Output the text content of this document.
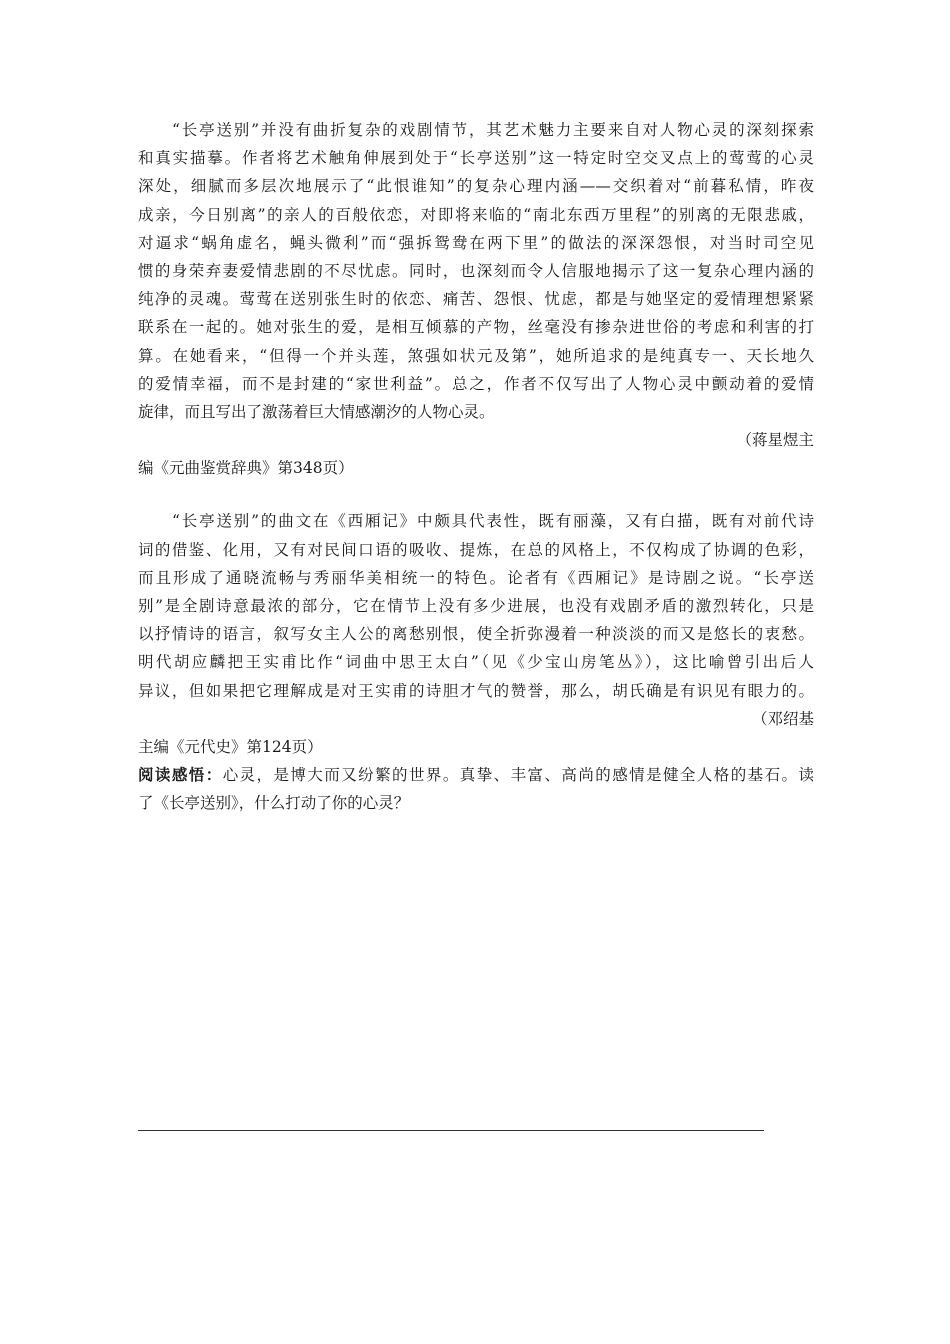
“长亭送别”并没有曲折复杂的戏剧情节，其艺术魅力主要来自对人物心灵的深刻探索
和真实描摹。作者将艺术触角伸展到处于“长亭送别”这一特定时空交叉点上的莺莺的心灵
深处，细腻而多层次地展示了“此恨谁知”的复杂心理内涵——交织着对“前暮私情，昨夜
成亲，今日别离”的亲人的百般依恋，对即将来临的“南北东西万里程”的别离的无限悲戚，
对逼求“蜗角虚名，蝇头微利”而“强拆鸳鸯在两下里”的做法的深深怨恨，对当时司空见
惯的身荣弃妻爱情悲剧的不尽忧虑。同时，也深刻而令人信服地揭示了这一复杂心理内涵的
纯净的灵魂。莺莺在送别张生时的依恋、痛苦、怨恨、忧虑，都是与她坚定的爱情理想紧紧
联系在一起的。她对张生的爱，是相互倾慕的产物，丝毫没有掺杂进世俗的考虑和利害的打
算。在她看来，“但得一个并头莲，煞强如状元及第”，她所追求的是纯真专一、天长地久
的爱情幸福，而不是封建的“家世利益”。总之，作者不仅写出了人物心灵中颤动着的爱情
旋律，而且写出了激荡着巨大情感潮汐的人物心灵。
（蒋星煜主
编《元曲鉴赏辞典》第348页）
“长亭送别”的曲文在《西厢记》中颇具代表性，既有丽藻，又有白描，既有对前代诗
词的借鉴、化用，又有对民间口语的吸收、提炼，在总的风格上，不仅构成了协调的色彩，
而且形成了通晓流畅与秀丽华美相统一的特色。论者有《西厢记》是诗剧之说。“长亭送
别”是全剧诗意最浓的部分，它在情节上没有多少进展，也没有戏剧矛盾的激烈转化，只是
以抒情诗的语言，叙写女主人公的离愁别恨，使全折弥漫着一种淡淡的而又是悠长的衷愁。
明代胡应麟把王实甫比作“词曲中思王太白”（见《少宝山房笔丛》），这比喻曾引出后人
异议，但如果把它理解成是对王实甫的诗胆才气的赞誉，那么，胡氏确是有识见有眼力的。
（邓绍基
主编《元代史》第124页）
阅读感悟：心灵，是博大而又纷繁的世界。真挚、丰富、高尚的感情是健全人格的基石。读
了《长亭送别》，什么打动了你的心灵？
